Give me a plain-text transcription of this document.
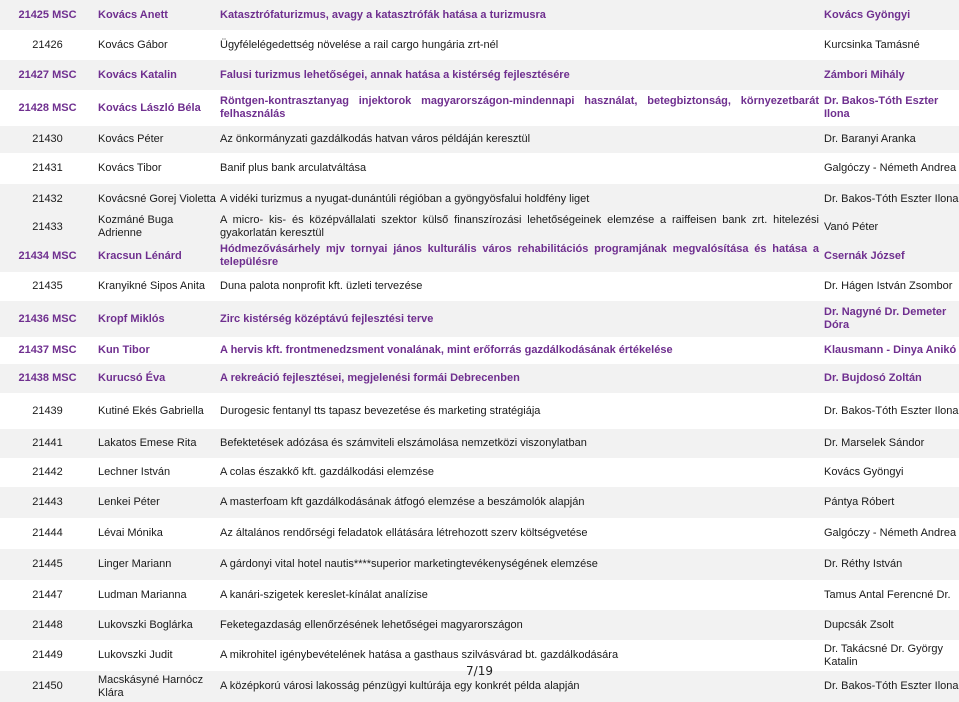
21425 MSC	Kovács Anett	Katasztrófaturizmus, avagy a katasztrófák hatása a turizmusra	Kovács Gyöngyi
21426	Kovács Gábor	Ügyfélelégedettség növelése a rail cargo hungária zrt-nél	Kurcsinka Tamásné
21427 MSC	Kovács Katalin	Falusi turizmus lehetőségei, annak hatása a kistérség fejlesztésére	Zámbori Mihály
21428 MSC	Kovács László Béla	Röntgen-kontrasztanyag injektorok magyarországon-mindennapi használat, betegbiztonság, környezetbarát felhasználás	Dr. Bakos-Tóth Eszter Ilona
21430	Kovács Péter	Az önkormányzati gazdálkodás hatvan város példáján keresztül	Dr. Baranyi Aranka
21431	Kovács Tibor	Banif plus bank arculatváltása	Galgóczy - Németh Andrea
21432	Kovácsné Gorej Violetta	A vidéki turizmus a nyugat-dunántúli régióban a gyöngyösfalui holdfény liget	Dr. Bakos-Tóth Eszter Ilona
21433	Kozmáné Buga Adrienne	A micro- kis- és középvállalati szektor külső finanszírozási lehetőségeinek elemzése a raiffeisen bank zrt. hitelezési gyakorlatán keresztül	Vanó Péter
21434 MSC	Kracsun Lénárd	Hódmezővásárhely mjv tornyai jános kulturális város rehabilitációs programjának megvalósítása és hatása a településre	Csernák József
21435	Kranyikné Sipos Anita	Duna palota nonprofit kft. üzleti tervezése	Dr. Hágen István Zsombor
21436 MSC	Kropf Miklós	Zirc kistérség középtávú fejlesztési terve	Dr. Nagyné Dr. Demeter Dóra
21437 MSC	Kun Tibor	A hervis kft. frontmenedzsment vonalának, mint erőforrás gazdálkodásának értékelése	Klausmann - Dinya Anikó
21438 MSC	Kurucsó Éva	A rekreáció fejlesztései, megjelenési formái Debrecenben	Dr. Bujdosó Zoltán
21439	Kutiné Ekés Gabriella	Durogesic fentanyl tts tapasz bevezetése és marketing stratégiája	Dr. Bakos-Tóth Eszter Ilona
21441	Lakatos Emese Rita	Befektetések adózása és számviteli elszámolása nemzetközi viszonylatban	Dr. Marselek Sándor
21442	Lechner István	A colas északkő kft. gazdálkodási elemzése	Kovács Gyöngyi
21443	Lenkei Péter	A masterfoam kft gazdálkodásának átfogó elemzése a beszámolók alapján	Pántya Róbert
21444	Lévai Mónika	Az általános rendőrségi feladatok ellátására létrehozott szerv költségvetése	Galgóczy - Németh Andrea
21445	Linger Mariann	A gárdonyi vital hotel nautis****superior marketingtevékenységének elemzése	Dr. Réthy István
21447	Ludman Marianna	A kanári-szigetek kereslet-kínálat analízise	Tamus Antal Ferencné Dr.
21448	Lukovszki Boglárka	Feketegazdaság ellenőrzésének lehetőségei magyarországon	Dupcsák Zsolt
21449	Lukovszki Judit	A mikrohitel igénybevételének hatása a gasthaus szilvásvárad bt. gazdálkodására	Dr. Takácsné Dr. György Katalin
21450	Macskásyné Harnócz Klára	A középkorú városi lakosság pénzügyi kultúrája egy konkrét példa alapján	Dr. Bakos-Tóth Eszter Ilona
7/19
